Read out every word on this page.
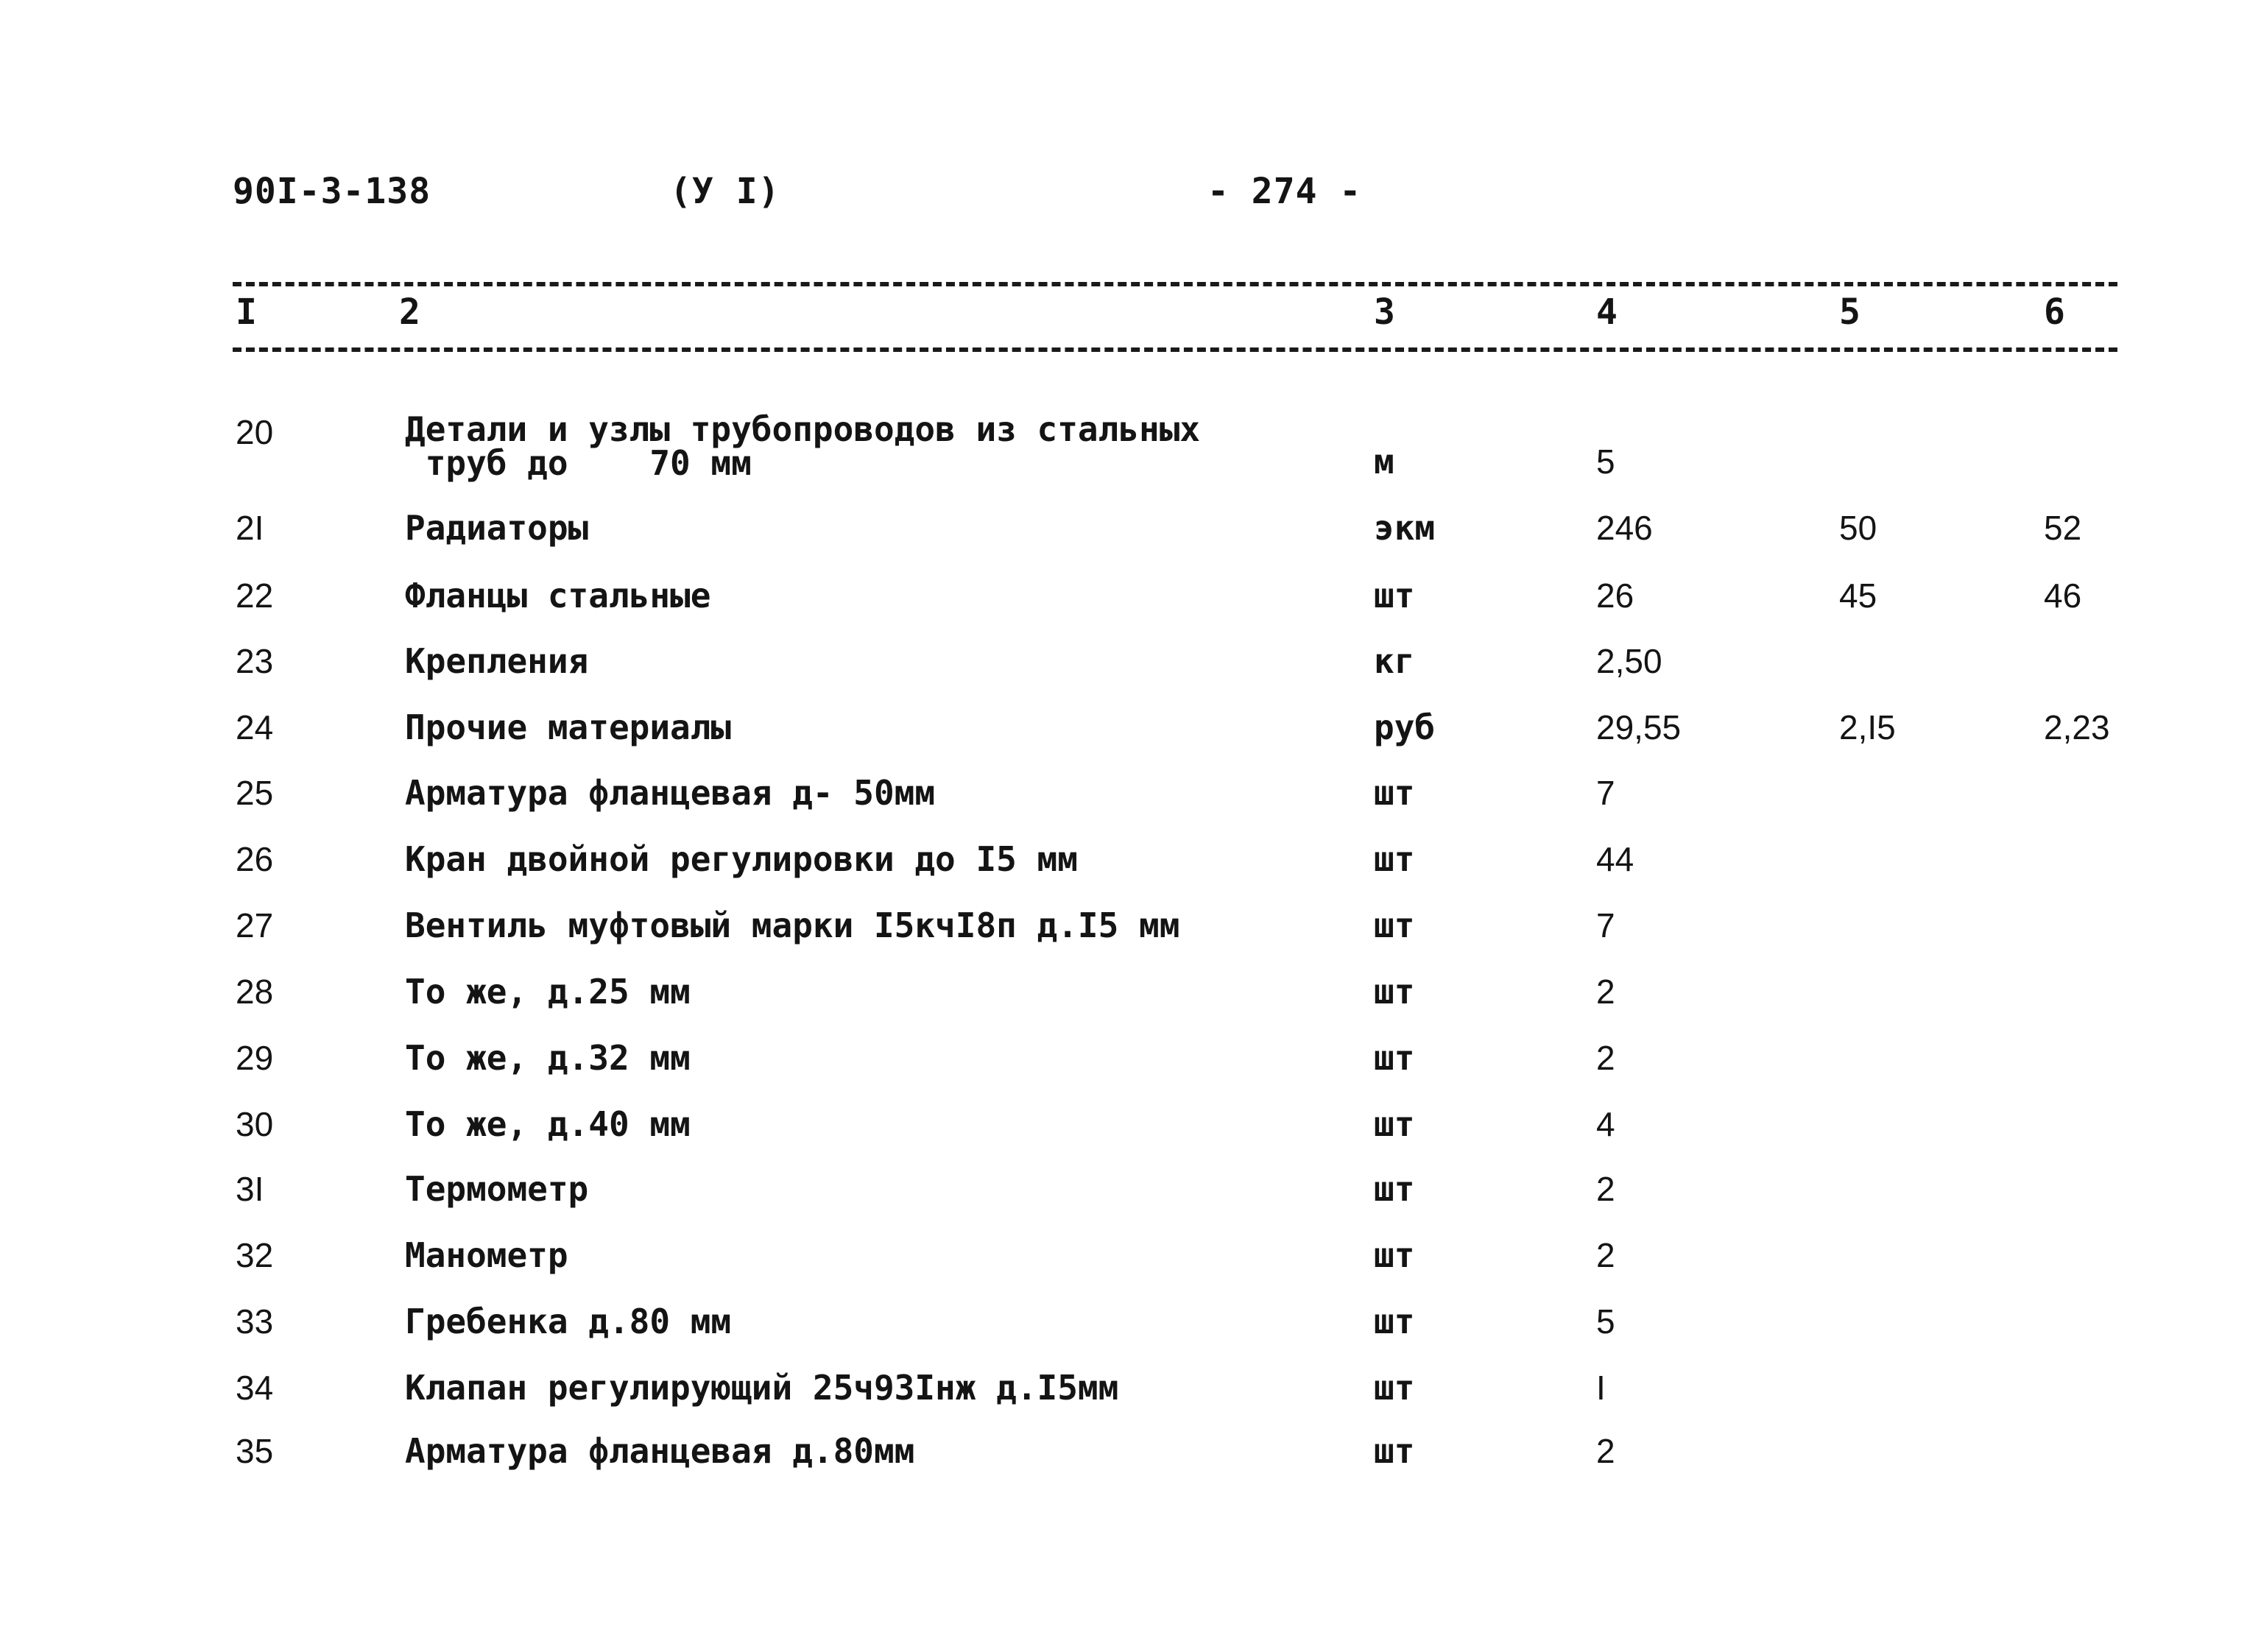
90I-3-138	(У I)	- 274 -
I	2	3	4	5	6
20	Детали и узлы трубопроводов из стальных
труб до    70 мм	м	5
2I	Радиаторы	экм	246	50	52
22	Фланцы стальные	шт	26	45	46
23	Крепления	кг	2,50
24	Прочие материалы	руб	29,55	2,I5	2,23
25	Арматура фланцевая д- 50мм	шт	7
26	Кран двойной регулировки до I5 мм	шт	44
27	Вентиль муфтовый марки I5кчI8п д.I5 мм	шт	7
28	То же, д.25 мм	шт	2
29	То же, д.32 мм	шт	2
30	То же, д.40 мм	шт	4
3I	Термометр	шт	2
32	Манометр	шт	2
33	Гребенка д.80 мм	шт	5
34	Клапан регулирующий 25ч93Iнж д.I5мм	шт	I
35	Арматура фланцевая д.80мм	шт	2
